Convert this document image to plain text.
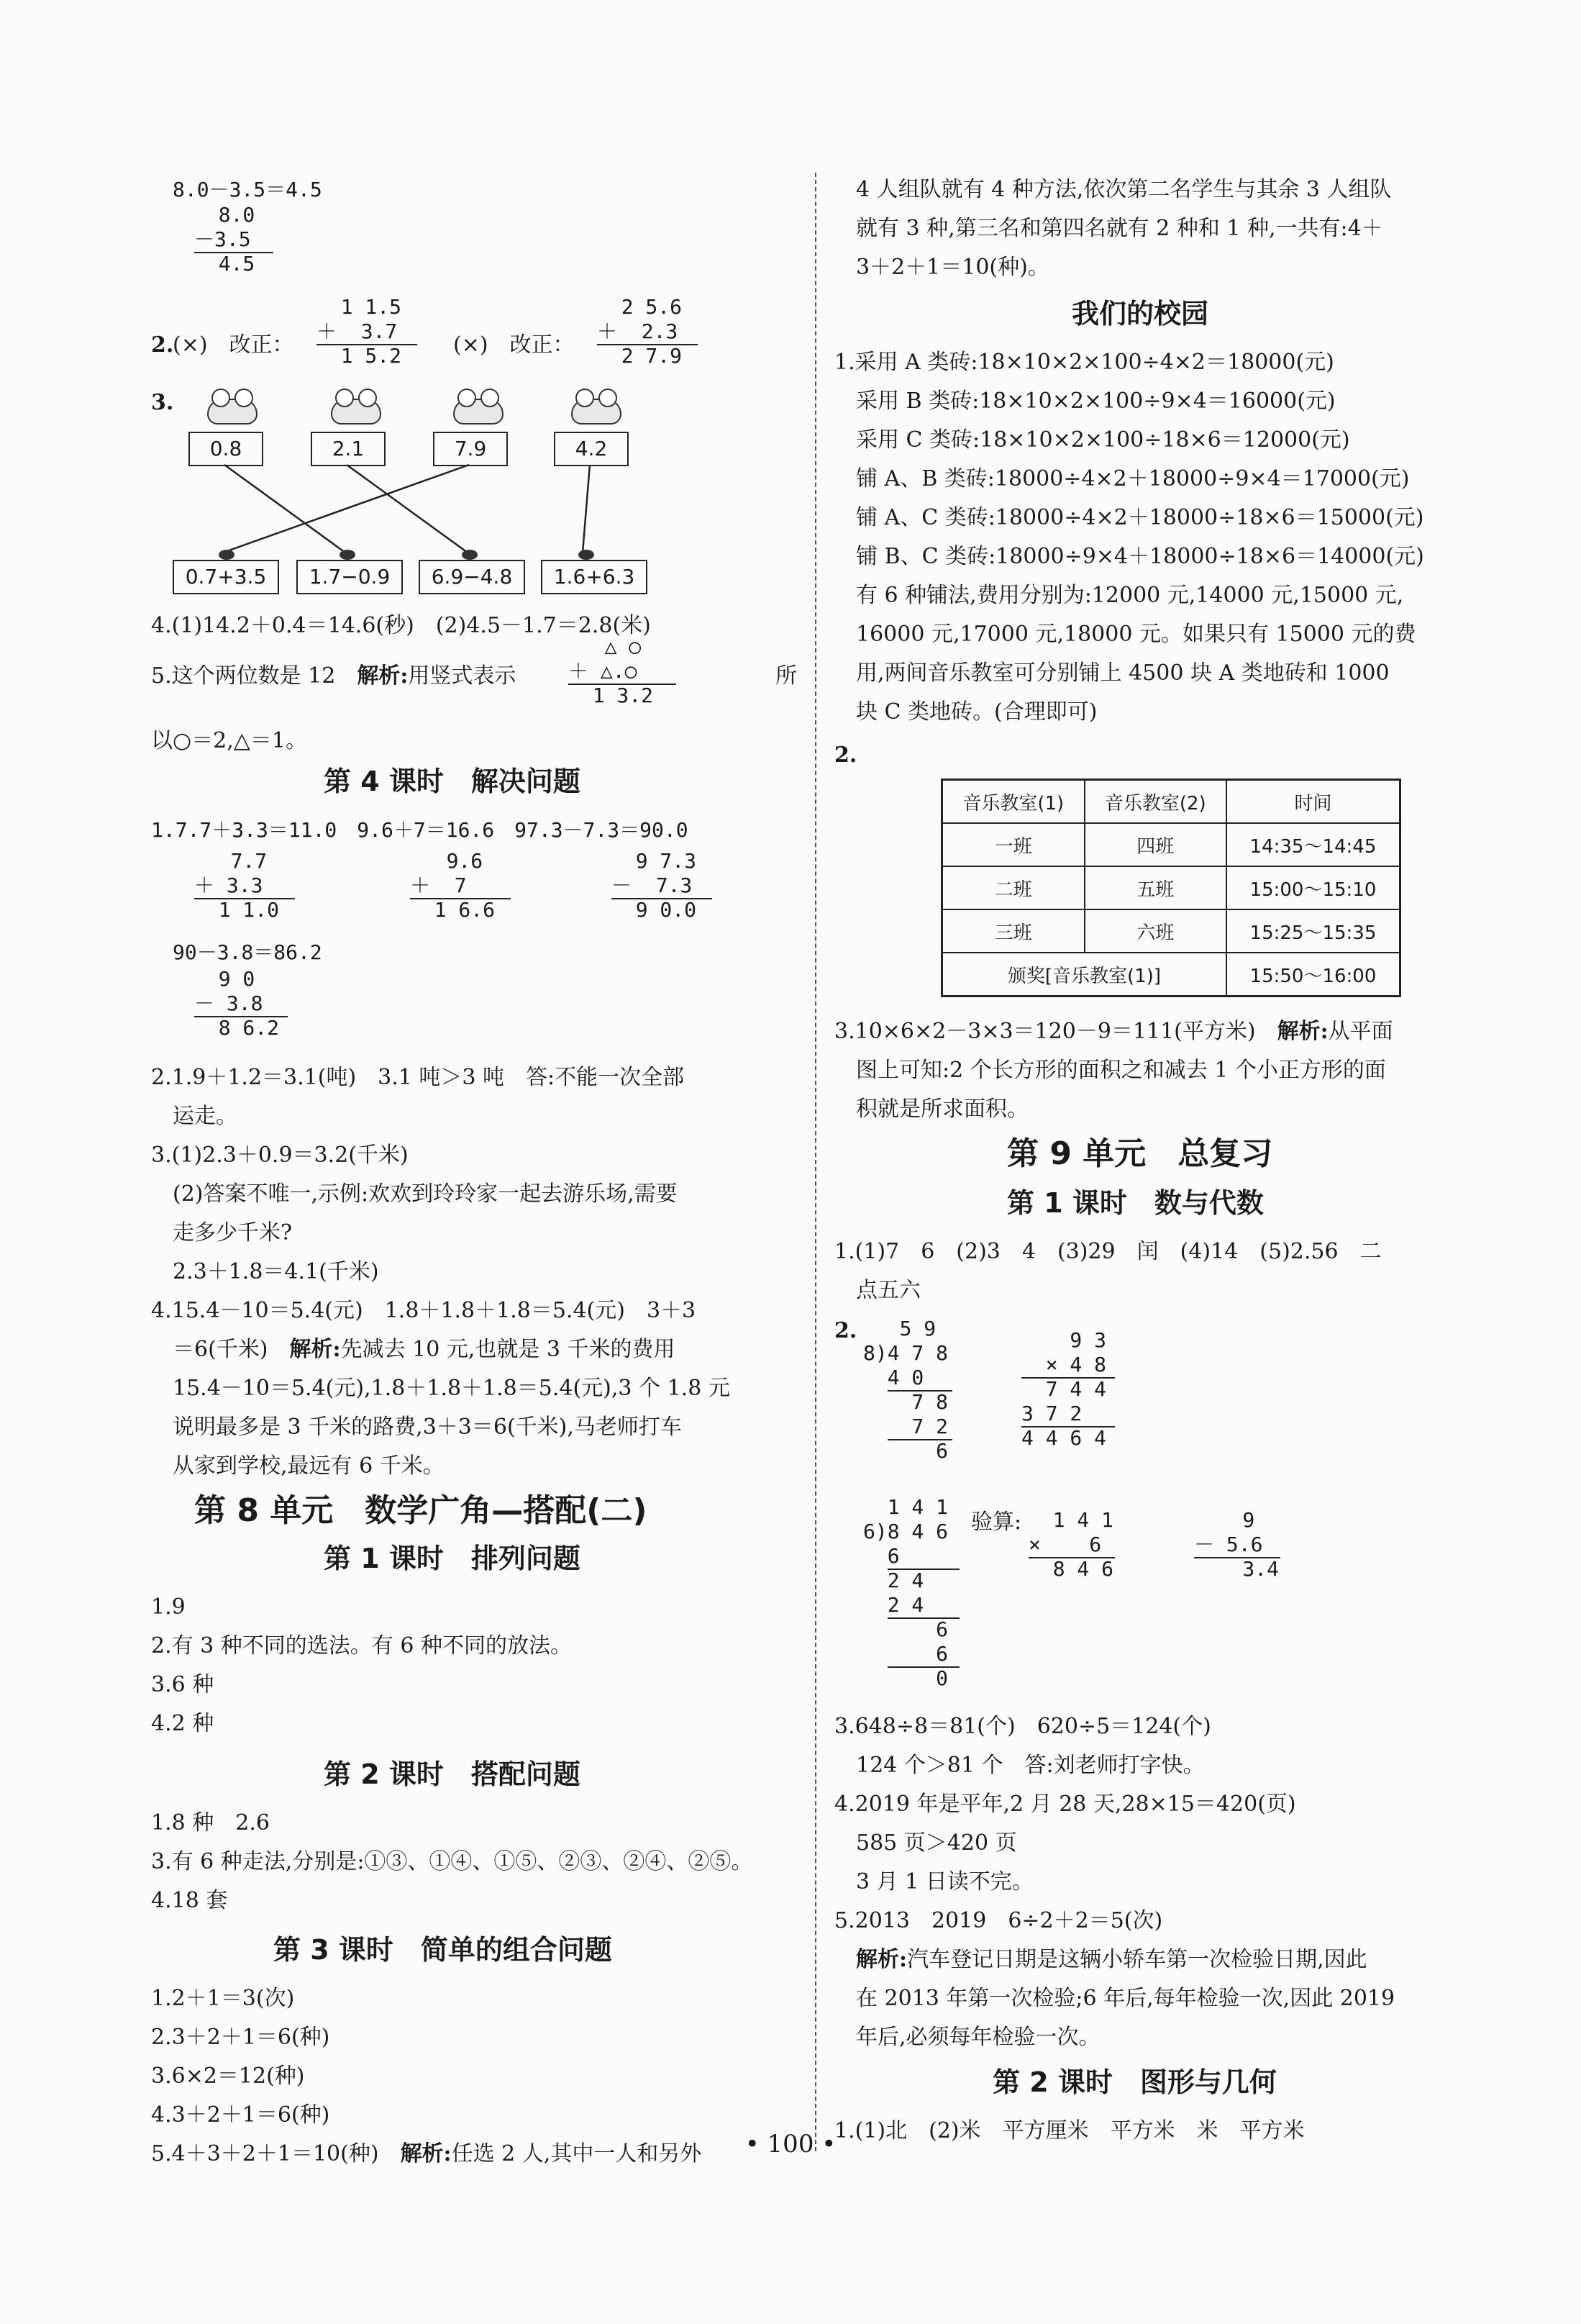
8.0－3.5＝4.5
8.0
－3.5
4.5
2.
(×)　改正：
1 1.5
＋  3.7
1 5.2 (×)　改正：
2 5.6
＋  2.3
2 7.9
3.
0.8	2.1	7.9	4.2
0.7+3.5	1.7−0.9	6.9−4.8	1.6+6.3
4.(1)14.2＋0.4＝14.6(秒)　(2)4.5－1.7＝2.8(米)
5.这个两位数是 12　解析:用竖式表示
△ ○
＋ △.○
1 3.2
所
以○＝2,△＝1。
第 4 课时　解决问题
1.7.7＋3.3＝11.0　9.6＋7＝16.6　97.3－7.3＝90.0
7.7
＋ 3.3
1 1.0
9.6
＋  7
1 6.6
9 7.3
－  7.3
9 0.0
90－3.8＝86.2
9 0
－ 3.8
8 6.2
2.1.9＋1.2＝3.1(吨)　3.1 吨＞3 吨　答:不能一次全部
运走。
3.(1)2.3＋0.9＝3.2(千米)
(2)答案不唯一,示例:欢欢到玲玲家一起去游乐场,需要
走多少千米?
2.3＋1.8＝4.1(千米)
4.15.4－10＝5.4(元)　1.8＋1.8＋1.8＝5.4(元)　3＋3
＝6(千米)　解析:先减去 10 元,也就是 3 千米的费用
15.4－10＝5.4(元),1.8＋1.8＋1.8＝5.4(元),3 个 1.8 元
说明最多是 3 千米的路费,3＋3＝6(千米),马老师打车
从家到学校,最远有 6 千米。
第 8 单元　数学广角—搭配(二)
第 1 课时　排列问题
1.9
2.有 3 种不同的选法。有 6 种不同的放法。
3.6 种
4.2 种
第 2 课时　搭配问题
1.8 种　2.6
3.有 6 种走法,分别是:①③、①④、①⑤、②③、②④、②⑤。
4.18 套
第 3 课时　简单的组合问题
1.2＋1＝3(次)
2.3＋2＋1＝6(种)
3.6×2＝12(种)
4.3＋2＋1＝6(种)
5.4＋3＋2＋1＝10(种)　解析:任选 2 人,其中一人和另外
4 人组队就有 4 种方法,依次第二名学生与其余 3 人组队
就有 3 种,第三名和第四名就有 2 种和 1 种,一共有:4＋
3＋2＋1＝10(种)。
我们的校园
1.采用 A 类砖:18×10×2×100÷4×2＝18000(元)
采用 B 类砖:18×10×2×100÷9×4＝16000(元)
采用 C 类砖:18×10×2×100÷18×6＝12000(元)
铺 A、B 类砖:18000÷4×2＋18000÷9×4＝17000(元)
铺 A、C 类砖:18000÷4×2＋18000÷18×6＝15000(元)
铺 B、C 类砖:18000÷9×4＋18000÷18×6＝14000(元)
有 6 种铺法,费用分别为:12000 元,14000 元,15000 元,
16000 元,17000 元,18000 元。如果只有 15000 元的费
用,两间音乐教室可分别铺上 4500 块 A 类地砖和 1000
块 C 类地砖。(合理即可)
2.
音乐教室(1)	音乐教室(2)	时间
一班	四班	14:35～14:45
二班	五班	15:00～15:10
三班	六班	15:25～15:35
颁奖[音乐教室(1)]		15:50～16:00
3.10×6×2－3×3＝120－9＝111(平方米)　解析:从平面
图上可知:2 个长方形的面积之和减去 1 个小正方形的面
积就是所求面积。
第 9 单元　总复习
第 1 课时　数与代数
1.(1)7　6　(2)3　4　(3)29　闰　(4)14　(5)2.56　二
点五六
2. 5 9
8)4 7 8
4 0
7 8
7 2
6
9 3
× 4 8
7 4 4
3 7 2
4 4 6 4
1 4 1
6)8 4 6
6
2 4
2 4
6
6
0
验算: 1 4 1
×    6
8 4 6
9
－ 5.6
3.4
3.648÷8＝81(个)　620÷5＝124(个)
124 个＞81 个　答:刘老师打字快。
4.2019 年是平年,2 月 28 天,28×15＝420(页)
585 页＞420 页
3 月 1 日读不完。
5.2013　2019　6÷2＋2＝5(次)
解析:汽车登记日期是这辆小轿车第一次检验日期,因此
在 2013 年第一次检验;6 年后,每年检验一次,因此 2019
年后,必须每年检验一次。
第 2 课时　图形与几何
1.(1)北　(2)米　平方厘米　平方米　米　平方米
• 100 •
